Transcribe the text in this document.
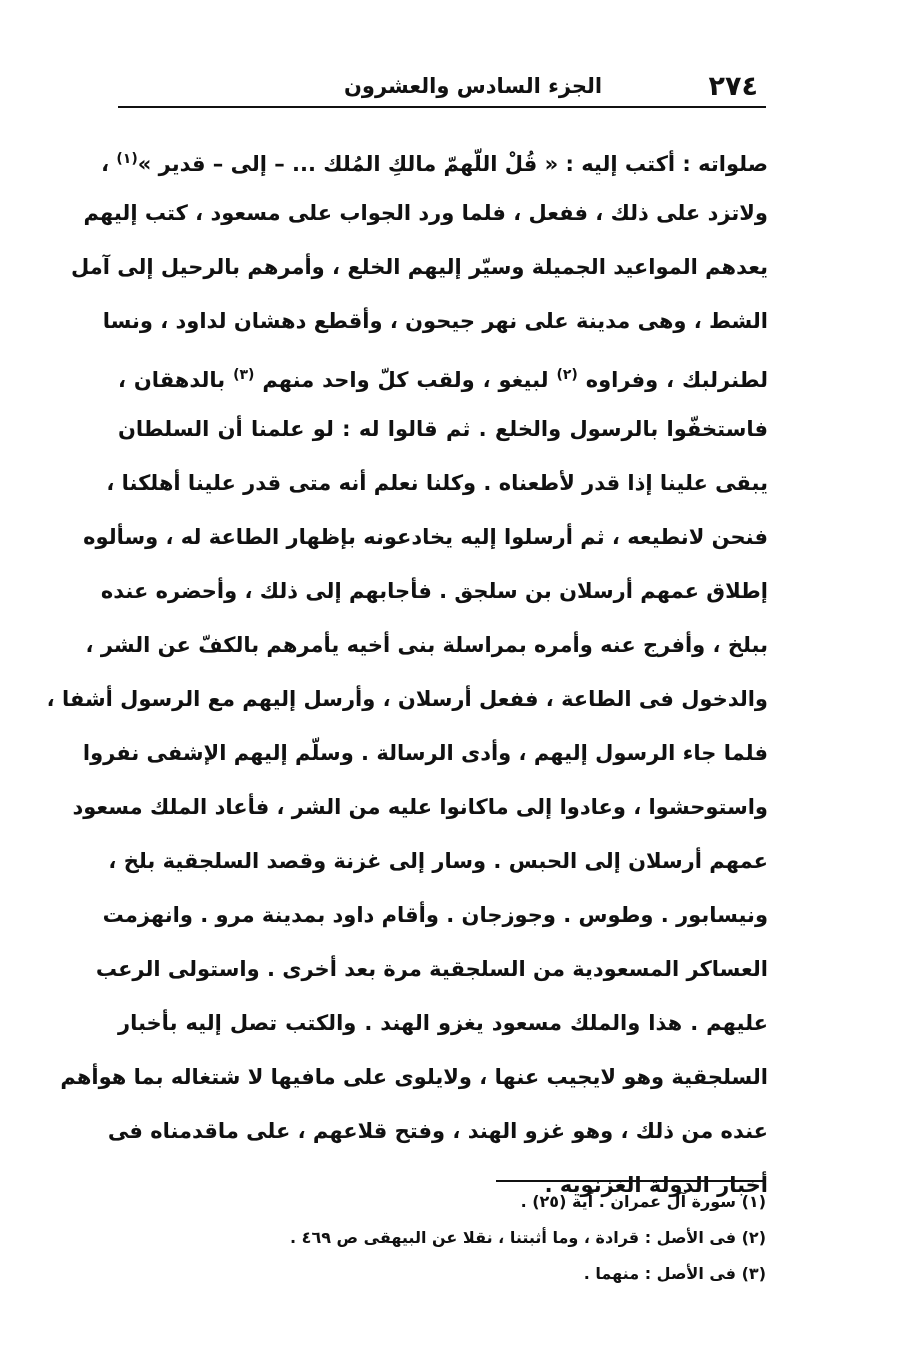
٢٧٤
الجزء السادس والعشرون
صلواته : أكتب إليه : « قُلْ اللّهمّ مالكِ المُلك ... – إلى – قدير »$^{(١)}$ ،
ولاتزد على ذلك ، ففعل ، فلما ورد الجواب على مسعود ، كتب إليهم
يعدهم المواعيد الجميلة وسيّر إليهم الخلع ، وأمرهم بالرحيل إلى آمل
الشط ، وهى مدينة على نهر جيحون ، وأقطع دهشان لداود ، ونسا
لطنرلبك ، وفراوه $^{(٢)}$ لبيغو ، ولقب كلّ واحد منهم $^{(٣)}$ بالدهقان ،
فاستخفّوا بالرسول والخلع . ثم قالوا له : لو علمنا أن السلطان
يبقى علينا إذا قدر لأطعناه . وكلنا نعلم أنه متى قدر علينا أهلكنا ،
فنحن لانطيعه ، ثم أرسلوا إليه يخادعونه بإظهار الطاعة له ، وسألوه
إطلاق عمهم أرسلان بن سلجق . فأجابهم إلى ذلك ، وأحضره عنده
ببلخ ، وأفرج عنه وأمره بمراسلة بنى أخيه يأمرهم بالكفّ عن الشر ،
والدخول فى الطاعة ، ففعل أرسلان ، وأرسل إليهم مع الرسول أشفا ،
فلما جاء الرسول إليهم ، وأدى الرسالة . وسلّم إليهم الإشفى نفروا
واستوحشوا ، وعادوا إلى ماكانوا عليه من الشر ، فأعاد الملك مسعود
عمهم أرسلان إلى الحبس . وسار إلى غزنة وقصد السلجقية بلخ ،
ونيسابور . وطوس . وجوزجان . وأقام داود بمدينة مرو . وانهزمت
العساكر المسعودية من السلجقية مرة بعد أخرى . واستولى الرعب
عليهم . هذا والملك مسعود يغزو الهند . والكتب تصل إليه بأخبار
السلجقية وهو لايجيب عنها ، ولايلوى على مافيها لا شتغاله بما هوأهم
عنده من ذلك ، وهو غزو الهند ، وفتح قلاعهم ، على ماقدمناه فى
أخبار الدولة الغزنويه .
(١) سورة آل عمران . آية (٢٥) .
(٢) فى الأصل : قرادة ، وما أثبتنا ، نقلا عن البيهقى ص ٤٦٩ .
(٣) فى الأصل : منهما .
